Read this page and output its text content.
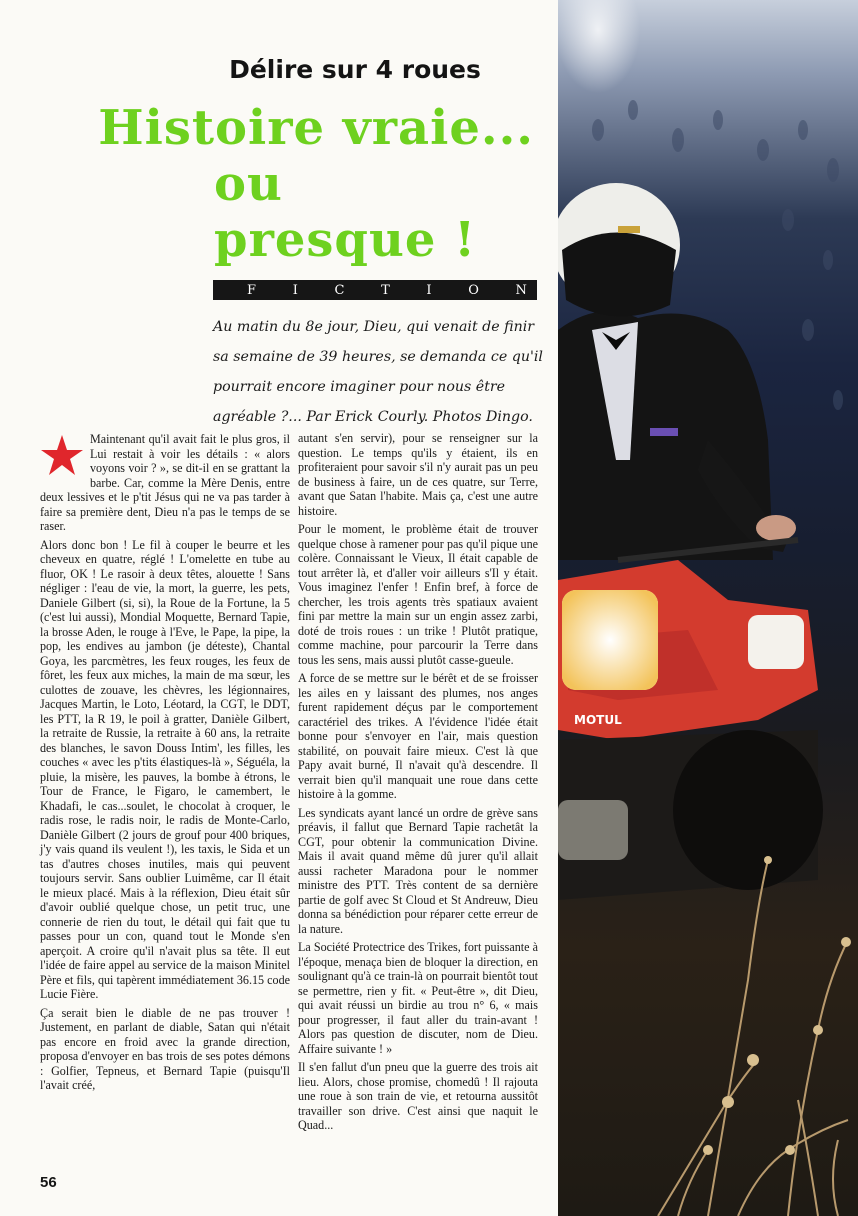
MOTUL
Délire sur 4 roues
Histoire vraie...
ou
presque !
F	I	C	T	I	O	N
Au matin du 8e jour, Dieu, qui venait de finir sa semaine de 39 heures, se demanda ce qu'il pourrait encore imaginer pour nous être agréable ?... Par Erick Courly. Photos Dingo.

Maintenant qu'il avait fait le plus gros, il Lui restait à voir les détails : « alors voyons voir ? », se dit-il en se grattant la barbe. Car, comme la Mère Denis, entre deux lessives et le p'tit Jésus qui ne va pas tarder à faire sa première dent, Dieu n'a pas le temps de se raser.

Alors donc bon ! Le fil à couper le beurre et les cheveux en quatre, réglé ! L'omelette en tube au fluor, OK ! Le rasoir à deux têtes, alouette ! Sans négliger : l'eau de vie, la mort, la guerre, les pets, Daniele Gilbert (si, si), la Roue de la Fortune, la 5 (c'est lui aussi), Mondial Moquette, Bernard Tapie, la brosse Aden, le rouge à l'Eve, le Pape, la pipe, la pop, les endives au jambon (je déteste), Chantal Goya, les parcmètres, les feux rouges, les feux de fôret, les feux aux miches, la main de ma sœur, les culottes de zouave, les chèvres, les légionnaires, Jacques Martin, le Loto, Léotard, la CGT, le DDT, les PTT, la R 19, le poil à gratter, Danièle Gilbert, la retraite de Russie, la retraite à 60 ans, la retraite des blanches, le savon Douss Intim', les filles, les couches « avec les p'tits élastiques-là », Séguéla, la pluie, la misère, les pauves, la bombe à étrons, le Tour de France, le Figaro, le camembert, le Khadafi, le cas...soulet, le chocolat à croquer, le radis rose, le radis noir, le radis de Monte-Carlo, Danièle Gilbert (2 jours de grouf pour 400 briques, j'y vais quand ils veulent !), les taxis, le Sida et un tas d'autres choses inutiles, mais qui peuvent toujours servir. Sans oublier Luimême, car Il était le mieux placé. Mais à la réflexion, Dieu était sûr d'avoir oublié quelque chose, un petit truc, une connerie de rien du tout, le détail qui fait que tu passes pour un con, quand tout le Monde s'en aperçoit. A croire qu'il n'avait plus sa tête. Il eut l'idée de faire appel au service de la maison Minitel Père et fils, qui tapèrent immédiatement 36.15 code Lucie Fière.

Ça serait bien le diable de ne pas trouver ! Justement, en parlant de diable, Satan qui n'était pas encore en froid avec la grande direction, proposa d'envoyer en bas trois de ses potes démons : Golfier, Tepneus, et Bernard Tapie (puisqu'Il l'avait créé,

autant s'en servir), pour se renseigner sur la question. Le temps qu'ils y étaient, ils en profiteraient pour savoir s'il n'y aurait pas un peu de business à faire, un de ces quatre, sur Terre, avant que Satan l'habite. Mais ça, c'est une autre histoire.

Pour le moment, le problème était de trouver quelque chose à ramener pour pas qu'il pique une colère. Connaissant le Vieux, Il était capable de tout arrêter là, et d'aller voir ailleurs s'Il y était. Vous imaginez l'enfer ! Enfin bref, à force de chercher, les trois agents très spatiaux avaient fini par mettre la main sur un engin assez zarbi, doté de trois roues : un trike ! Plutôt pratique, comme machine, pour parcourir la Terre dans tous les sens, mais aussi plutôt casse-gueule.

A force de se mettre sur le bérêt et de se froisser les ailes en y laissant des plumes, nos anges furent rapidement déçus par le comportement caractériel des trikes. A l'évidence l'idée était bonne pour s'envoyer en l'air, mais question stabilité, on pouvait faire mieux. C'est là que Papy avait burné, Il n'avait qu'à descendre. Il verrait bien qu'il manquait une roue dans cette histoire à la gomme.

Les syndicats ayant lancé un ordre de grève sans préavis, il fallut que Bernard Tapie rachetât la CGT, pour obtenir la communication Divine. Mais il avait quand même dû jurer qu'il allait aussi racheter Maradona pour le nommer ministre des PTT. Très content de sa dernière partie de golf avec St Cloud et St Andreuw, Dieu donna sa bénédiction pour réparer cette erreur de la nature.

La Société Protectrice des Trikes, fort puissante à l'époque, menaça bien de bloquer la direction, en soulignant qu'à ce train-là on pourrait bientôt tout se permettre, rien y fit. « Peut-être », dit Dieu, qui avait réussi un birdie au trou n° 6, « mais pour progresser, il faut aller du train-avant ! Alors pas question de discuter, nom de Dieu. Affaire suivante ! »

Il s'en fallut d'un pneu que la guerre des trois ait lieu. Alors, chose promise, chomedû ! Il rajouta une roue à son train de vie, et retourna aussitôt travailler son drive. C'est ainsi que naquit le Quad...

56
